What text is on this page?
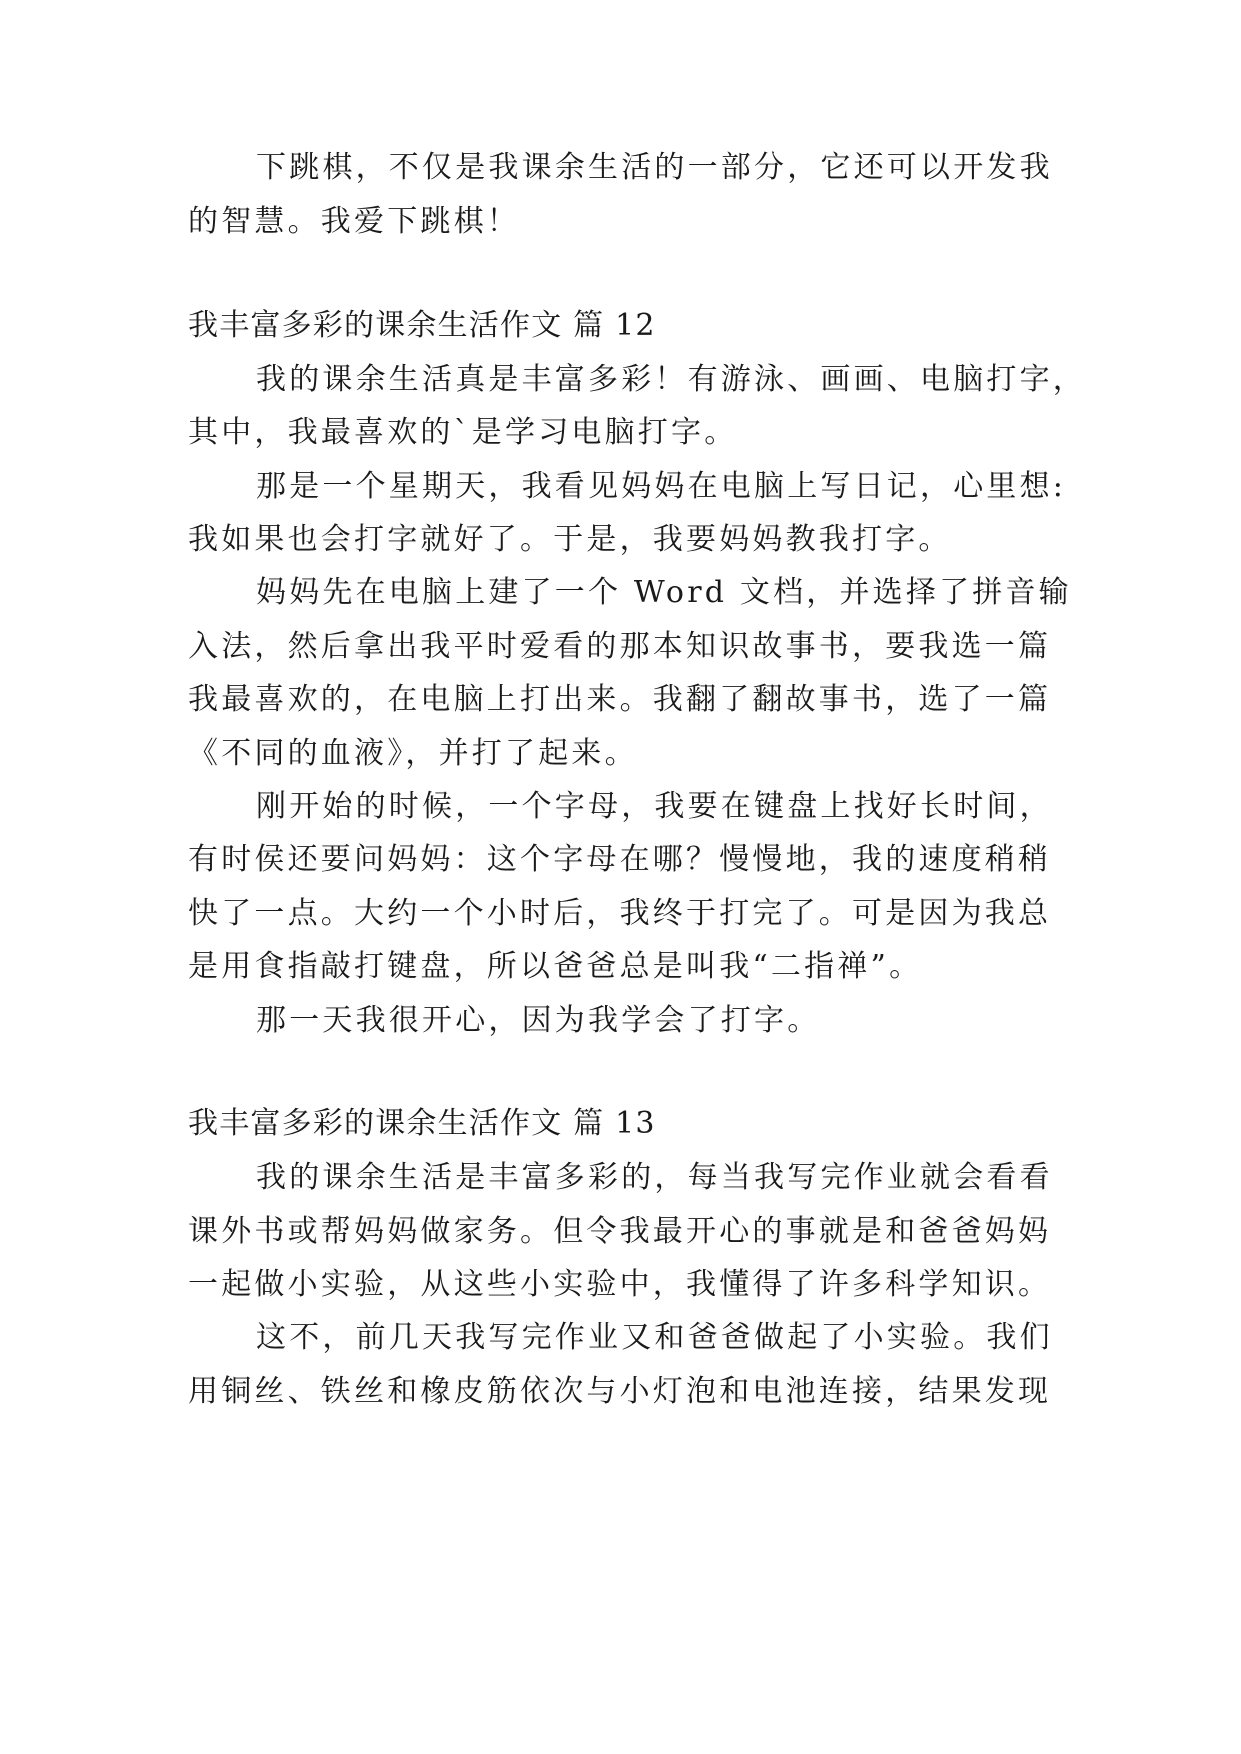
下跳棋，不仅是我课余生活的一部分，它还可以开发我
的智慧。我爱下跳棋！
我丰富多彩的课余生活作文 篇 12
我的课余生活真是丰富多彩！有游泳、画画、电脑打字，
其中，我最喜欢的`是学习电脑打字。
那是一个星期天，我看见妈妈在电脑上写日记，心里想:
我如果也会打字就好了。于是，我要妈妈教我打字。
妈妈先在电脑上建了一个 Word 文档，并选择了拼音输
入法，然后拿出我平时爱看的那本知识故事书，要我选一篇
我最喜欢的，在电脑上打出来。我翻了翻故事书，选了一篇
《不同的血液》，并打了起来。
刚开始的时候，一个字母，我要在键盘上找好长时间，
有时侯还要问妈妈：这个字母在哪？慢慢地，我的速度稍稍
快了一点。大约一个小时后，我终于打完了。可是因为我总
是用食指敲打键盘，所以爸爸总是叫我“二指禅”。
那一天我很开心，因为我学会了打字。
我丰富多彩的课余生活作文 篇 13
我的课余生活是丰富多彩的，每当我写完作业就会看看
课外书或帮妈妈做家务。但令我最开心的事就是和爸爸妈妈
一起做小实验，从这些小实验中，我懂得了许多科学知识。
这不，前几天我写完作业又和爸爸做起了小实验。我们
用铜丝、铁丝和橡皮筋依次与小灯泡和电池连接，结果发现
